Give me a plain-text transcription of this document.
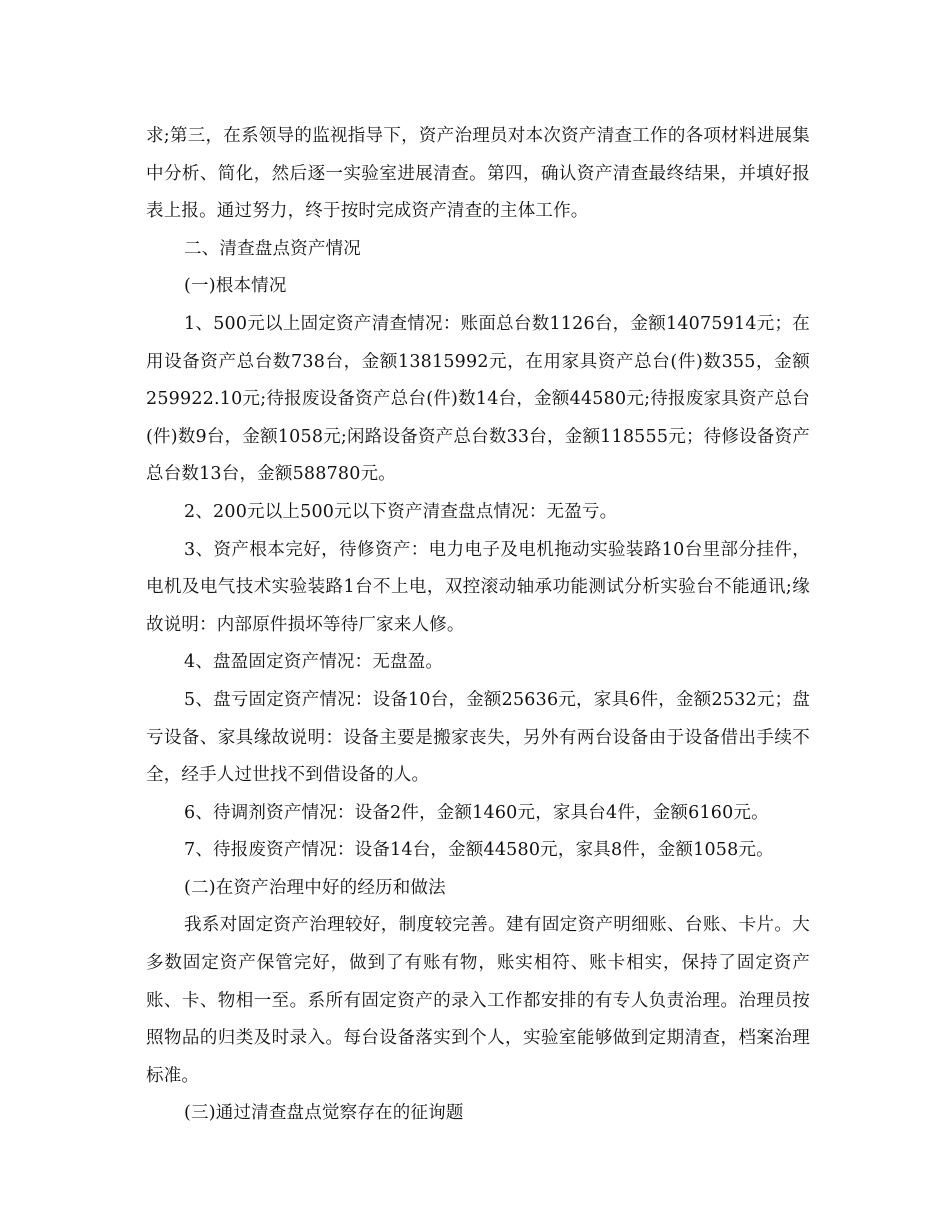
求;第三，在系领导的监视指导下，资产治理员对本次资产清查工作的各项材料进展集中分析、简化，然后逐一实验室进展清查。第四，确认资产清查最终结果，并填好报表上报。通过努力，终于按时完成资产清查的主体工作。

二、清查盘点资产情况

(一)根本情况

1、500元以上固定资产清查情况：账面总台数1126台，金额14075914元；在用设备资产总台数738台，金额13815992元，在用家具资产总台(件)数355，金额259922.10元;待报废设备资产总台(件)数14台，金额44580元;待报废家具资产总台(件)数9台，金额1058元;闲路设备资产总台数33台，金额118555元；待修设备资产总台数13台，金额588780元。

2、200元以上500元以下资产清查盘点情况：无盈亏。

3、资产根本完好，待修资产：电力电子及电机拖动实验装路10台里部分挂件，电机及电气技术实验装路1台不上电，双控滚动轴承功能测试分析实验台不能通讯;缘故说明：内部原件损坏等待厂家来人修。

4、盘盈固定资产情况：无盘盈。

5、盘亏固定资产情况：设备10台，金额25636元，家具6件，金额2532元；盘亏设备、家具缘故说明：设备主要是搬家丧失，另外有两台设备由于设备借出手续不全，经手人过世找不到借设备的人。

6、待调剂资产情况：设备2件，金额1460元，家具台4件，金额6160元。

7、待报废资产情况：设备14台，金额44580元，家具8件，金额1058元。

(二)在资产治理中好的经历和做法

我系对固定资产治理较好，制度较完善。建有固定资产明细账、台账、卡片。大多数固定资产保管完好，做到了有账有物，账实相符、账卡相实，保持了固定资产账、卡、物相一至。系所有固定资产的录入工作都安排的有专人负责治理。治理员按照物品的归类及时录入。每台设备落实到个人，实验室能够做到定期清查，档案治理标准。

(三)通过清查盘点觉察存在的征询题
